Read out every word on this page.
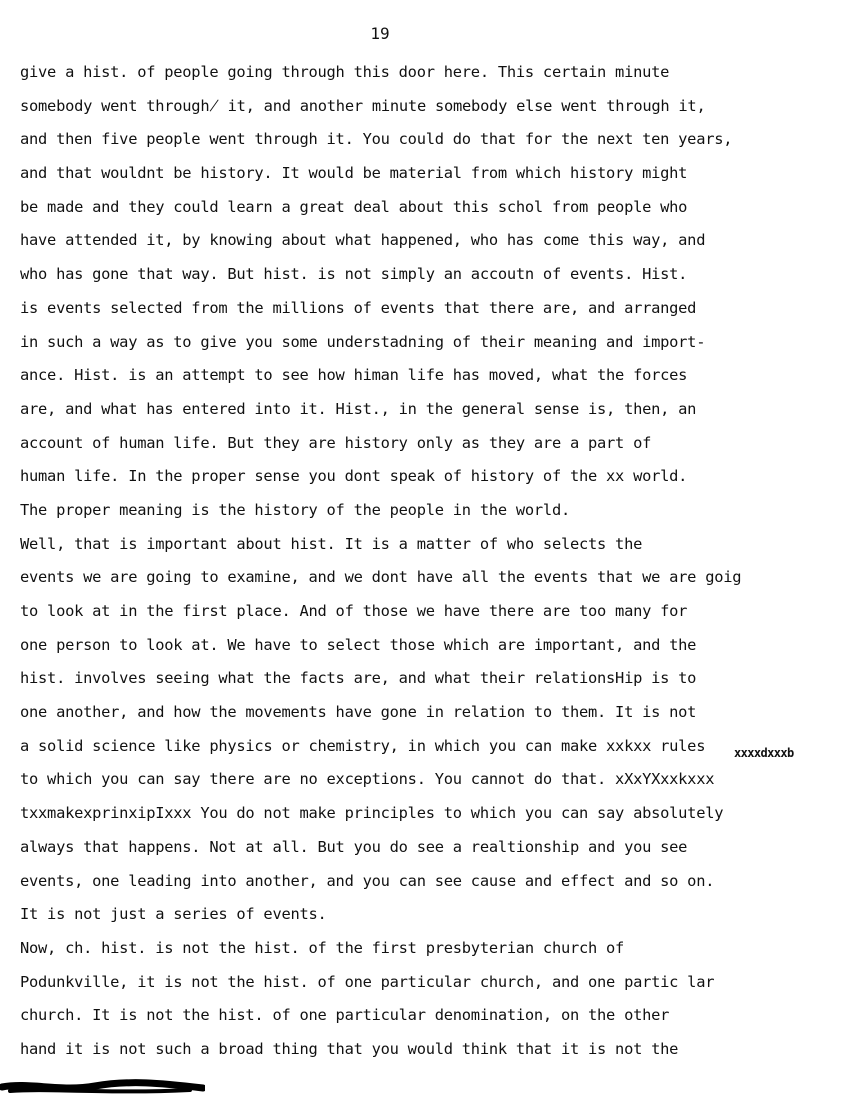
19
give a hist. of people going through this door here. This certain minute
somebody went through̸ it, and another minute somebody else went through it,
and then five people went through it. You could do that for the next ten years,
and that wouldnt be history. It would be material from which history might
be made and they could learn a great deal about this schol from people who
have attended it, by knowing about what happened, who has come this way, and
who has gone that way. But hist. is not simply an accoutn of events. Hist.
is events selected from the millions of events that there are, and arranged
in such a way as to give you some understadning of their meaning and import-
ance. Hist. is an attempt to see how himan life has moved, what the forces
are, and what has entered into it. Hist., in the general sense is, then, an
account of human life. But they are history only as they are a part of
human life. In the proper sense you dont speak of history of the xx world.
The proper meaning is the history of the people in the world.
Well, that is important about hist. It is a matter of who selects the
events we are going to examine, and we dont have all the events that we are goig
to look at in the first place. And of those we have there are too many for
one person to look at. We have to select those which are important, and the
hist. involves seeing what the facts are, and what their relationsHip is to
one another, and how the movements have gone in relation to them. It is not
a solid science like physics or chemistry, in which you can make xxkxx rules
to which you can say there are no exceptions. You cannot do that. xXxYXxxkxxx
txxmakexprinxipIxxx You do not make principles to which you can say absolutely
always that happens. Not at all. But you do see a realtionship and you see
events, one leading into another, and you can see cause and effect and so on.
It is not just a series of events.
Now, ch. hist. is not the hist. of the first presbyterian church of
Podunkville, it is not the hist. of one particular church, and one partic lar
church. It is not the hist. of one particular denomination, on the other
hand it is not such a broad thing that you would think that it is not the
xxxxdxxxb
